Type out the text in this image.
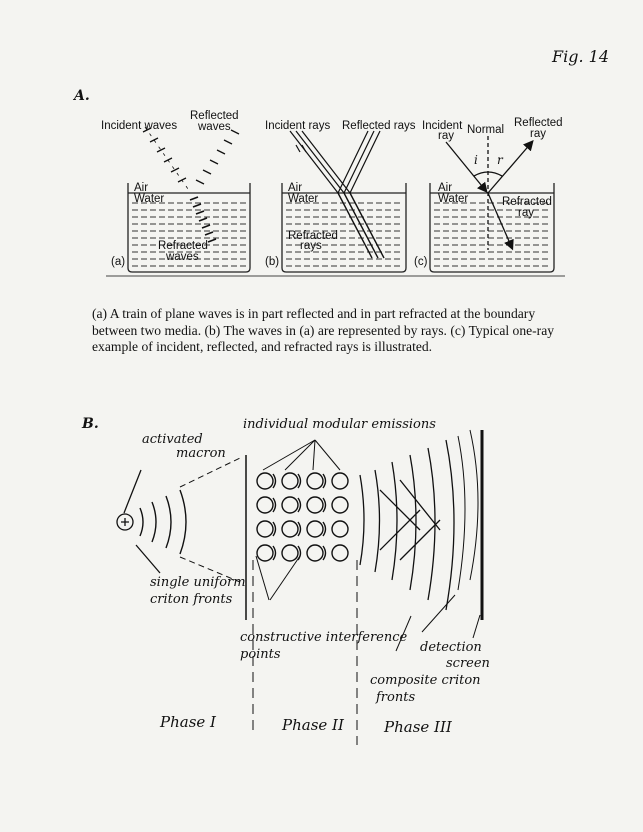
Fig. 14
A.
Incident waves
Reflected
waves
Air
Water
Refracted
waves
(a)
Incident rays Reflected rays
Air
Water
Refracted
rays
(b)
Incident
ray Normal
Reflected
ray
i r
Air
Water	Refracted
ray
(c)
(a) A train of plane waves is in part reflected and in part refracted at the boundary between two media. (b) The waves in (a) are represented by rays. (c) Typical one-ray example of incident, reflected, and refracted rays is illustrated.
B.
activated
macron
individual modular emissions
single uniform
criton fronts
constructive interference
points	detection
screen
composite criton
fronts
Phase I	Phase II	Phase III
